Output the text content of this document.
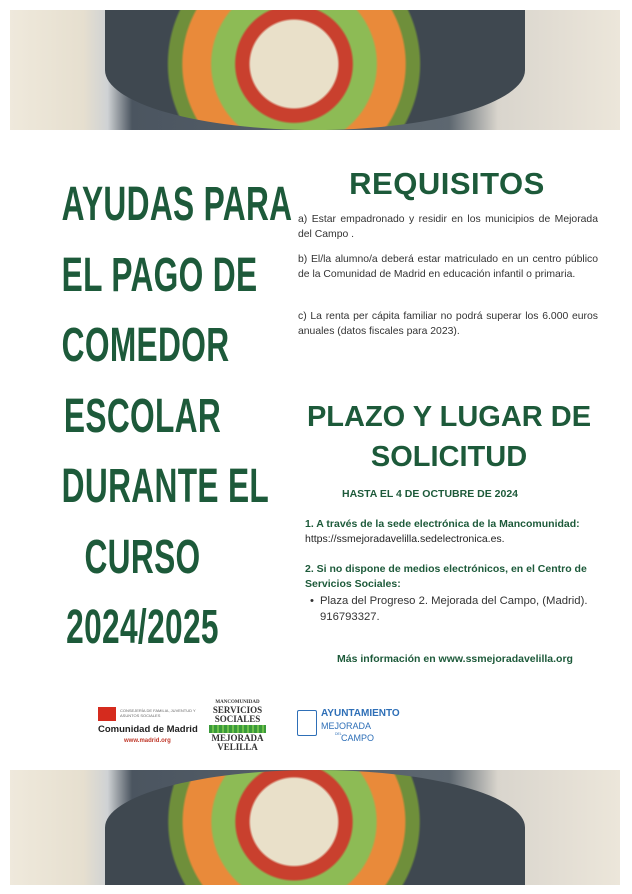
AYUDAS PARA
EL PAGO DE
COMEDOR
ESCOLAR
DURANTE EL
CURSO
2024/2025
REQUISITOS
a) Estar empadronado y residir en los municipios de Mejorada del Campo .
b) El/la alumno/a deberá estar matriculado en un centro público de la Comunidad de Madrid en educación infantil o primaria.
c) La renta per cápita familiar no podrá superar los 6.000 euros anuales (datos fiscales para 2023).
PLAZO Y LUGAR DE SOLICITUD
HASTA EL 4 DE OCTUBRE DE 2024
1. A través de la sede electrónica de la Mancomunidad:
https://ssmejoradavelilla.sedelectronica.es.
2. Si no dispone de medios electrónicos, en el Centro de Servicios Sociales:
• Plaza del Progreso 2. Mejorada del Campo, (Madrid). 916793327.
Más información en www.ssmejoradavelilla.org
CONSEJERÍA DE FAMILIA, JUVENTUD Y ASUNTOS SOCIALES
Comunidad de Madrid
www.madrid.org
MANCOMUNIDAD
SERVICIOS
SOCIALES
MEJORADA
VELILLA
AYUNTAMIENTO
MEJORADA
DEL CAMPO
